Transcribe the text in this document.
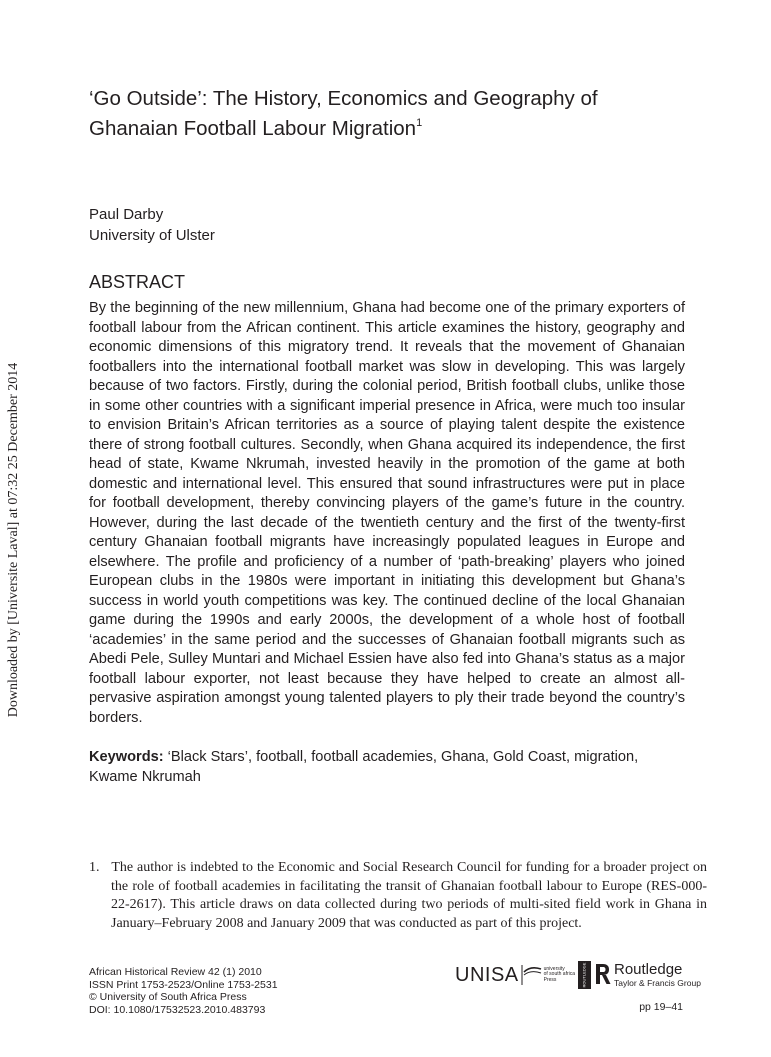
Downloaded by [Universite Laval] at 07:32 25 December 2014
‘Go Outside’: The History, Economics and Geography of Ghanaian Football Labour Migration$^1$
Paul Darby
University of Ulster
ABSTRACT

By the beginning of the new millennium, Ghana had become one of the primary exporters of football labour from the African continent. This article examines the history, geography and economic dimensions of this migratory trend. It reveals that the movement of Ghanaian footballers into the international football market was slow in developing. This was largely because of two factors. Firstly, during the colonial period, British football clubs, unlike those in some other countries with a significant imperial presence in Africa, were much too insular to envision Britain’s African territories as a source of playing talent despite the existence there of strong football cultures. Secondly, when Ghana acquired its independence, the first head of state, Kwame Nkrumah, invested heavily in the promotion of the game at both domestic and international level. This ensured that sound infrastructures were put in place for football development, thereby convincing players of the game’s future in the country. However, during the last decade of the twentieth century and the first of the twenty-first century Ghanaian football migrants have increasingly populated leagues in Europe and elsewhere. The profile and proficiency of a number of ‘path-breaking’ players who joined European clubs in the 1980s were important in initiating this development but Ghana’s success in world youth competitions was key. The continued decline of the local Ghanaian game during the 1990s and early 2000s, the development of a whole host of football ‘academies’ in the same period and the successes of Ghanaian football migrants such as Abedi Pele, Sulley Muntari and Michael Essien have also fed into Ghana’s status as a major football labour exporter, not least because they have helped to create an almost all-pervasive aspiration amongst young talented players to ply their trade beyond the country’s borders.

Keywords: ‘Black Stars’, football, football academies, Ghana, Gold Coast, migration, Kwame Nkrumah

1. The author is indebted to the Economic and Social Research Council for funding for a broader project on the role of football academies in facilitating the transit of Ghanaian football labour to Europe (RES-000-22-2617). This article draws on data collected during two periods of multi-sited field work in Ghana in January–February 2008 and January 2009 that was conducted as part of this project.

African Historical Review 42 (1) 2010
ISSN Print 1753-2523/Online 1753-2531
© University of South Africa Press
DOI: 10.1080/17532523.2010.483793
UNISA	university
of south africa
Press	ROUTLEDGE Routledge
Taylor & Francis Group
pp 19–41
